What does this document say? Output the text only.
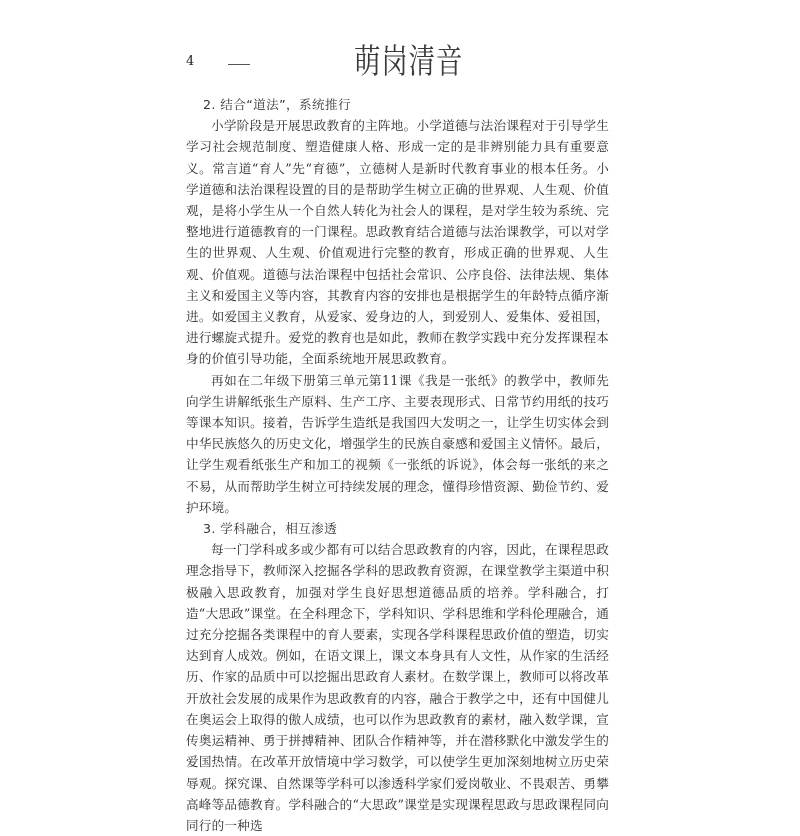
4	萌岗清音

2. 结合“道法”，系统推行

小学阶段是开展思政教育的主阵地。小学道德与法治课程对于引导学生学习社会规范制度、塑造健康人格、形成一定的是非辨别能力具有重要意义。常言道“育人”先“育德”，立德树人是新时代教育事业的根本任务。小学道德和法治课程设置的目的是帮助学生树立正确的世界观、人生观、价值观，是将小学生从一个自然人转化为社会人的课程，是对学生较为系统、完整地进行道德教育的一门课程。思政教育结合道德与法治课教学，可以对学生的世界观、人生观、价值观进行完整的教育，形成正确的世界观、人生观、价值观。道德与法治课程中包括社会常识、公序良俗、法律法规、集体主义和爱国主义等内容，其教育内容的安排也是根据学生的年龄特点循序渐进。如爱国主义教育，从爱家、爱身边的人，到爱别人、爱集体、爱祖国，进行螺旋式提升。爱党的教育也是如此，教师在教学实践中充分发挥课程本身的价值引导功能，全面系统地开展思政教育。

再如在二年级下册第三单元第11课《我是一张纸》的教学中，教师先向学生讲解纸张生产原料、生产工序、主要表现形式、日常节约用纸的技巧等课本知识。接着，告诉学生造纸是我国四大发明之一，让学生切实体会到中华民族悠久的历史文化，增强学生的民族自豪感和爱国主义情怀。最后，让学生观看纸张生产和加工的视频《一张纸的诉说》，体会每一张纸的来之不易，从而帮助学生树立可持续发展的理念，懂得珍惜资源、勤俭节约、爱护环境。

3. 学科融合，相互渗透

每一门学科或多或少都有可以结合思政教育的内容，因此，在课程思政理念指导下，教师深入挖掘各学科的思政教育资源，在课堂教学主渠道中积极融入思政教育，加强对学生良好思想道德品质的培养。学科融合，打造“大思政”课堂。在全科理念下，学科知识、学科思维和学科伦理融合，通过充分挖掘各类课程中的育人要素，实现各学科课程思政价值的塑造，切实达到育人成效。例如，在语文课上，课文本身具有人文性，从作家的生活经历、作家的品质中可以挖掘出思政育人素材。在数学课上，教师可以将改革开放社会发展的成果作为思政教育的内容，融合于教学之中，还有中国健儿在奥运会上取得的傲人成绩，也可以作为思政教育的素材，融入数学课，宣传奥运精神、勇于拼搏精神、团队合作精神等，并在潜移默化中激发学生的爱国热情。在改革开放情境中学习数学，可以使学生更加深刻地树立历史荣辱观。探究课、自然课等学科可以渗透科学家们爱岗敬业、不畏艰苦、勇攀高峰等品德教育。学科融合的“大思政”课堂是实现课程思政与思政课程同向同行的一种选
